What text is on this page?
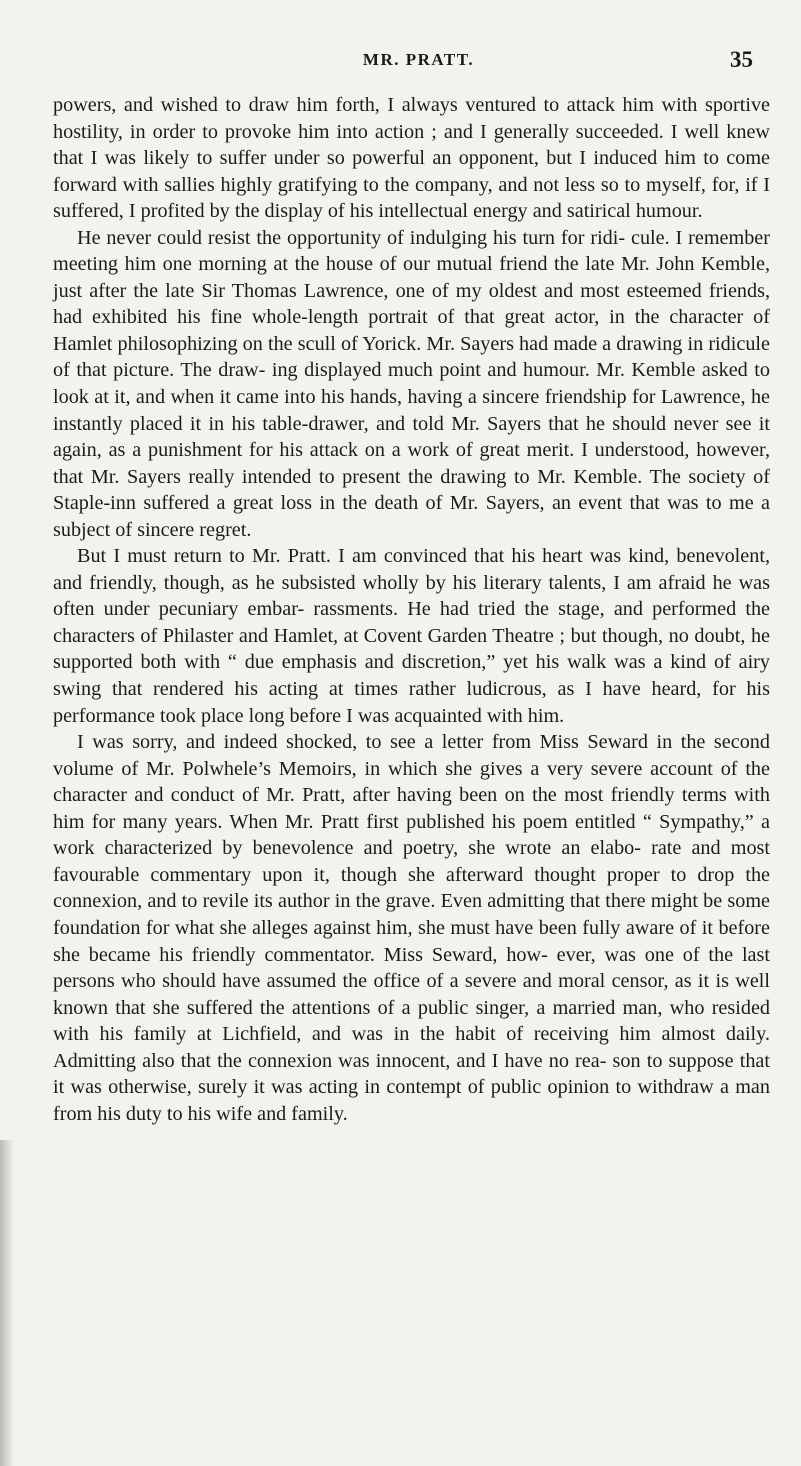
MR. PRATT.	35

powers, and wished to draw him forth, I always ventured to attack him with sportive hostility, in order to provoke him into action ; and I generally succeeded. I well knew that I was likely to suffer under so powerful an opponent, but I induced him to come forward with sallies highly gratifying to the company, and not less so to myself, for, if I suffered, I profited by the display of his intellectual energy and satirical humour.

He never could resist the opportunity of indulging his turn for ridi- cule. I remember meeting him one morning at the house of our mutual friend the late Mr. John Kemble, just after the late Sir Thomas Lawrence, one of my oldest and most esteemed friends, had exhibited his fine whole-length portrait of that great actor, in the character of Hamlet philosophizing on the scull of Yorick. Mr. Sayers had made a drawing in ridicule of that picture. The draw- ing displayed much point and humour. Mr. Kemble asked to look at it, and when it came into his hands, having a sincere friendship for Lawrence, he instantly placed it in his table-drawer, and told Mr. Sayers that he should never see it again, as a punishment for his attack on a work of great merit. I understood, however, that Mr. Sayers really intended to present the drawing to Mr. Kemble. The society of Staple-inn suffered a great loss in the death of Mr. Sayers, an event that was to me a subject of sincere regret.

But I must return to Mr. Pratt. I am convinced that his heart was kind, benevolent, and friendly, though, as he subsisted wholly by his literary talents, I am afraid he was often under pecuniary embar- rassments. He had tried the stage, and performed the characters of Philaster and Hamlet, at Covent Garden Theatre ; but though, no doubt, he supported both with “ due emphasis and discretion,” yet his walk was a kind of airy swing that rendered his acting at times rather ludicrous, as I have heard, for his performance took place long before I was acquainted with him.

I was sorry, and indeed shocked, to see a letter from Miss Seward in the second volume of Mr. Polwhele’s Memoirs, in which she gives a very severe account of the character and conduct of Mr. Pratt, after having been on the most friendly terms with him for many years. When Mr. Pratt first published his poem entitled “ Sympathy,” a work characterized by benevolence and poetry, she wrote an elabo- rate and most favourable commentary upon it, though she afterward thought proper to drop the connexion, and to revile its author in the grave. Even admitting that there might be some foundation for what she alleges against him, she must have been fully aware of it before she became his friendly commentator. Miss Seward, how- ever, was one of the last persons who should have assumed the office of a severe and moral censor, as it is well known that she suffered the attentions of a public singer, a married man, who resided with his family at Lichfield, and was in the habit of receiving him almost daily. Admitting also that the connexion was innocent, and I have no rea- son to suppose that it was otherwise, surely it was acting in contempt of public opinion to withdraw a man from his duty to his wife and family.
